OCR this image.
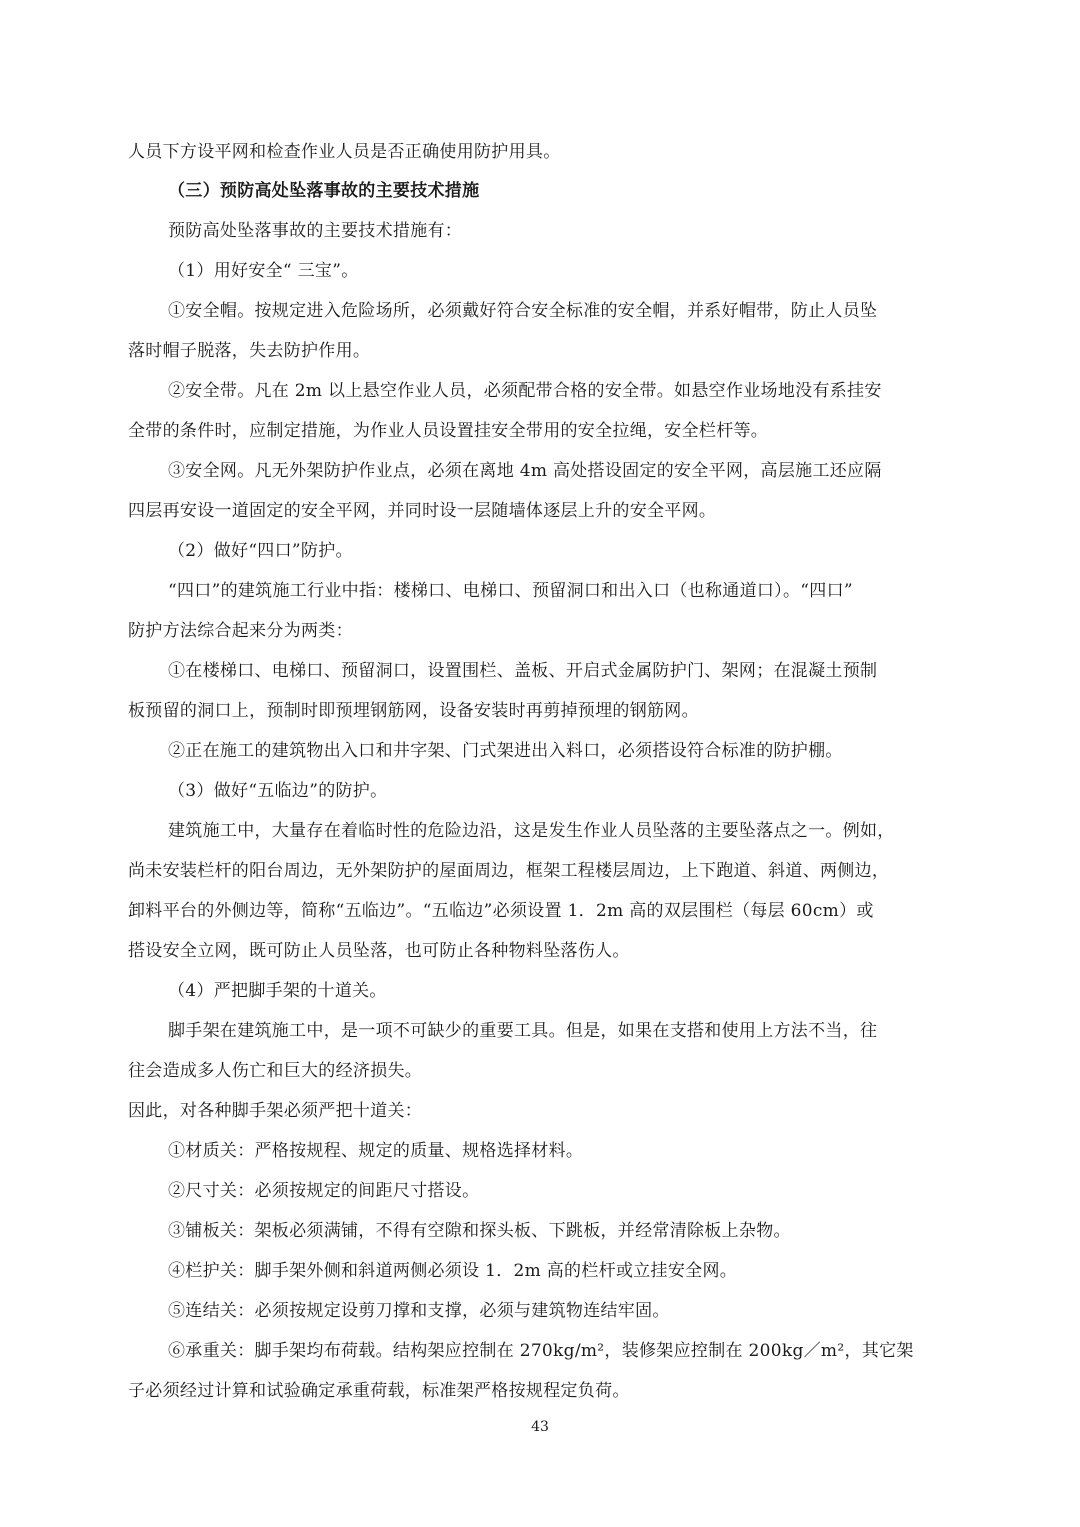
人员下方设平网和检查作业人员是否正确使用防护用具。
（三）预防高处坠落事故的主要技术措施
预防高处坠落事故的主要技术措施有：
（1）用好安全“ 三宝”。
①安全帽。按规定进入危险场所，必须戴好符合安全标准的安全帽，并系好帽带，防止人员坠
落时帽子脱落，失去防护作用。
②安全带。凡在 2m 以上悬空作业人员，必须配带合格的安全带。如悬空作业场地没有系挂安
全带的条件时，应制定措施，为作业人员设置挂安全带用的安全拉绳，安全栏杆等。
③安全网。凡无外架防护作业点，必须在离地 4m 高处搭设固定的安全平网，高层施工还应隔
四层再安设一道固定的安全平网，并同时设一层随墙体逐层上升的安全平网。
（2）做好“四口”防护。
“四口”的建筑施工行业中指：楼梯口、电梯口、预留洞口和出入口（也称通道口）。“四口”
防护方法综合起来分为两类：
①在楼梯口、电梯口、预留洞口，设置围栏、盖板、开启式金属防护门、架网；在混凝土预制
板预留的洞口上，预制时即预埋钢筋网，设备安装时再剪掉预埋的钢筋网。
②正在施工的建筑物出入口和井字架、门式架进出入料口，必须搭设符合标准的防护棚。
（3）做好“五临边”的防护。
建筑施工中，大量存在着临时性的危险边沿，这是发生作业人员坠落的主要坠落点之一。例如，
尚未安装栏杆的阳台周边，无外架防护的屋面周边，框架工程楼层周边，上下跑道、斜道、两侧边，
卸料平台的外侧边等，简称“五临边”。“五临边”必须设置 1．2m 高的双层围栏（每层 60cm）或
搭设安全立网，既可防止人员坠落，也可防止各种物料坠落伤人。
（4）严把脚手架的十道关。
脚手架在建筑施工中，是一项不可缺少的重要工具。但是，如果在支搭和使用上方法不当，往
往会造成多人伤亡和巨大的经济损失。
因此，对各种脚手架必须严把十道关：
①材质关：严格按规程、规定的质量、规格选择材料。
②尺寸关：必须按规定的间距尺寸搭设。
③铺板关：架板必须满铺，不得有空隙和探头板、下跳板，并经常清除板上杂物。
④栏护关：脚手架外侧和斜道两侧必须设 1．2m 高的栏杆或立挂安全网。
⑤连结关：必须按规定设剪刀撑和支撑，必须与建筑物连结牢固。
⑥承重关：脚手架均布荷载。结构架应控制在 270kg/m²，装修架应控制在 200kg／m²，其它架
子必须经过计算和试验确定承重荷载，标准架严格按规程定负荷。
43
